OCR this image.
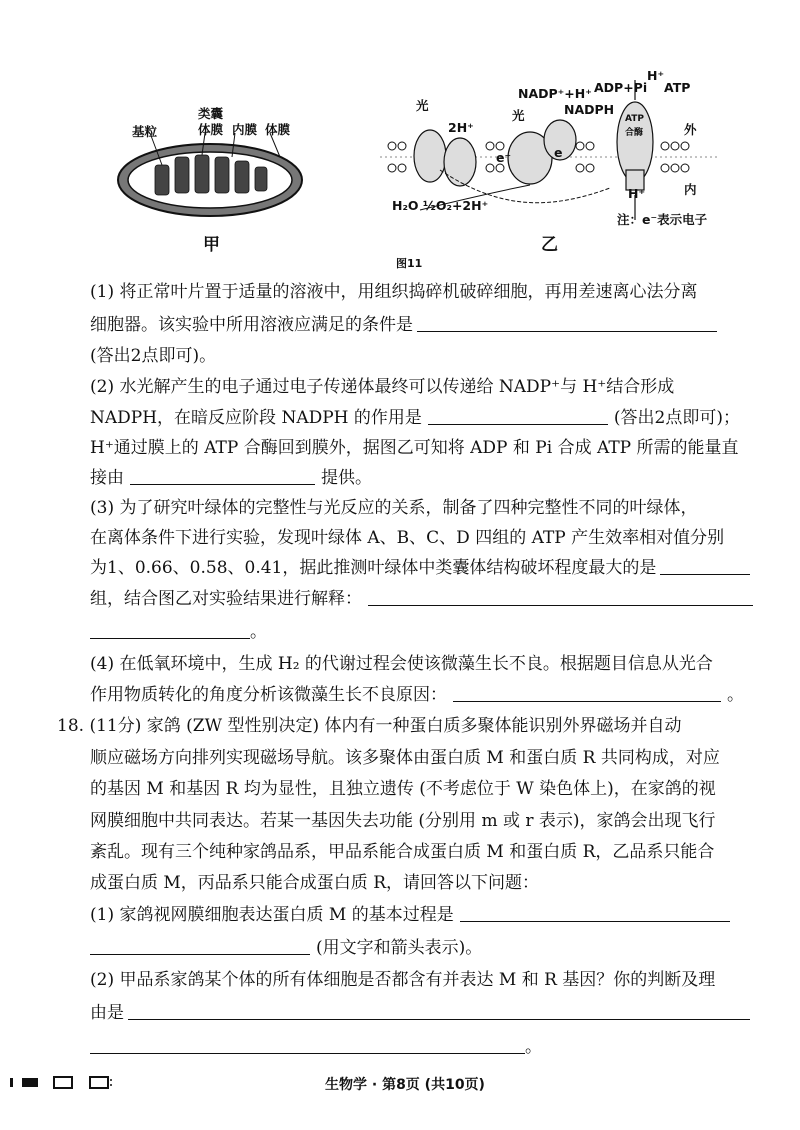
基粒
类囊
体膜 内膜 体膜
甲
光
2H⁺
光
NADP⁺+H⁺
NADPH
ADP+Pi
H⁺
ATP
ATP
合酶	外
内
H⁺
e⁻	e
H₂O ½O₂+2H⁺
注：e⁻表示电子
乙
图11
(1) 将正常叶片置于适量的溶液中，用组织捣碎机破碎细胞，再用差速离心法分离
细胞器。该实验中所用溶液应满足的条件是
(答出2点即可)。
(2) 水光解产生的电子通过电子传递体最终可以传递给 NADP⁺与 H⁺结合形成
NADPH，在暗反应阶段 NADPH 的作用是	(答出2点即可)；
H⁺通过膜上的 ATP 合酶回到膜外，据图乙可知将 ADP 和 Pi 合成 ATP 所需的能量直
接由	提供。
(3) 为了研究叶绿体的完整性与光反应的关系，制备了四种完整性不同的叶绿体，
在离体条件下进行实验，发现叶绿体 A、B、C、D 四组的 ATP 产生效率相对值分别
为1、0.66、0.58、0.41，据此推测叶绿体中类囊体结构破坏程度最大的是
组，结合图乙对实验结果进行解释：
。
(4) 在低氧环境中，生成 H₂ 的代谢过程会使该微藻生长不良。根据题目信息从光合
作用物质转化的角度分析该微藻生长不良原因：	。
18. (11分) 家鸽 (ZW 型性别决定) 体内有一种蛋白质多聚体能识别外界磁场并自动
顺应磁场方向排列实现磁场导航。该多聚体由蛋白质 M 和蛋白质 R 共同构成，对应
的基因 M 和基因 R 均为显性，且独立遗传 (不考虑位于 W 染色体上)，在家鸽的视
网膜细胞中共同表达。若某一基因失去功能 (分别用 m 或 r 表示)，家鸽会出现飞行
紊乱。现有三个纯种家鸽品系，甲品系能合成蛋白质 M 和蛋白质 R，乙品系只能合
成蛋白质 M，丙品系只能合成蛋白质 R，请回答以下问题：
(1) 家鸽视网膜细胞表达蛋白质 M 的基本过程是
(用文字和箭头表示)。
(2) 甲品系家鸽某个体的所有体细胞是否都含有并表达 M 和 R 基因？你的判断及理
由是
。
生物学 · 第8页 (共10页)
